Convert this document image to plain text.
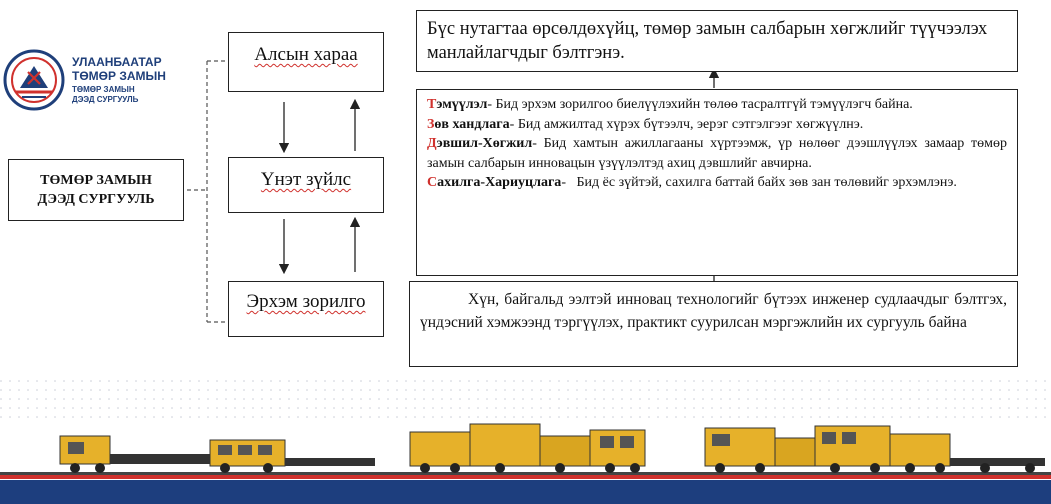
УЛААНБААТАР
ТӨМӨР ЗАМЫН
ТӨМӨР ЗАМЫН
ДЭЭД СУРГУУЛЬ
ТӨМӨР ЗАМЫН
ДЭЭД СУРГУУЛЬ
Алсын хараа
Үнэт зүйлс
Эрхэм зорилго
Бүс нутагтаа өрсөлдөхүйц, төмөр замын салбарын хөгжлийг түүчээлэх манлайлагчдыг бэлтгэнэ.
Тэмүүлэл- Бид эрхэм зорилгоо биелүүлэхийн төлөө тасралтгүй тэмүүлэгч байна.
Зөв хандлага- Бид амжилтад хүрэх бүтээлч, эерэг сэтгэлгээг хөгжүүлнэ.
Дэвшил-Хөгжил- Бид хамтын ажиллагааны хүртээмж, үр нөлөөг дээшлүүлэх замаар төмөр замын салбарын инновацын үзүүлэлтэд ахиц дэвшлийг авчирна.
Сахилга-Хариуцлага-   Бид ёс зүйтэй, сахилга баттай байх зөв зан төлөвийг эрхэмлэнэ.
Хүн, байгальд ээлтэй инновац технологийг бүтээх инженер судлаачдыг бэлтгэх, үндэсний хэмжээнд тэргүүлэх, практикт суурилсан мэргэжлийн их сургууль байна
